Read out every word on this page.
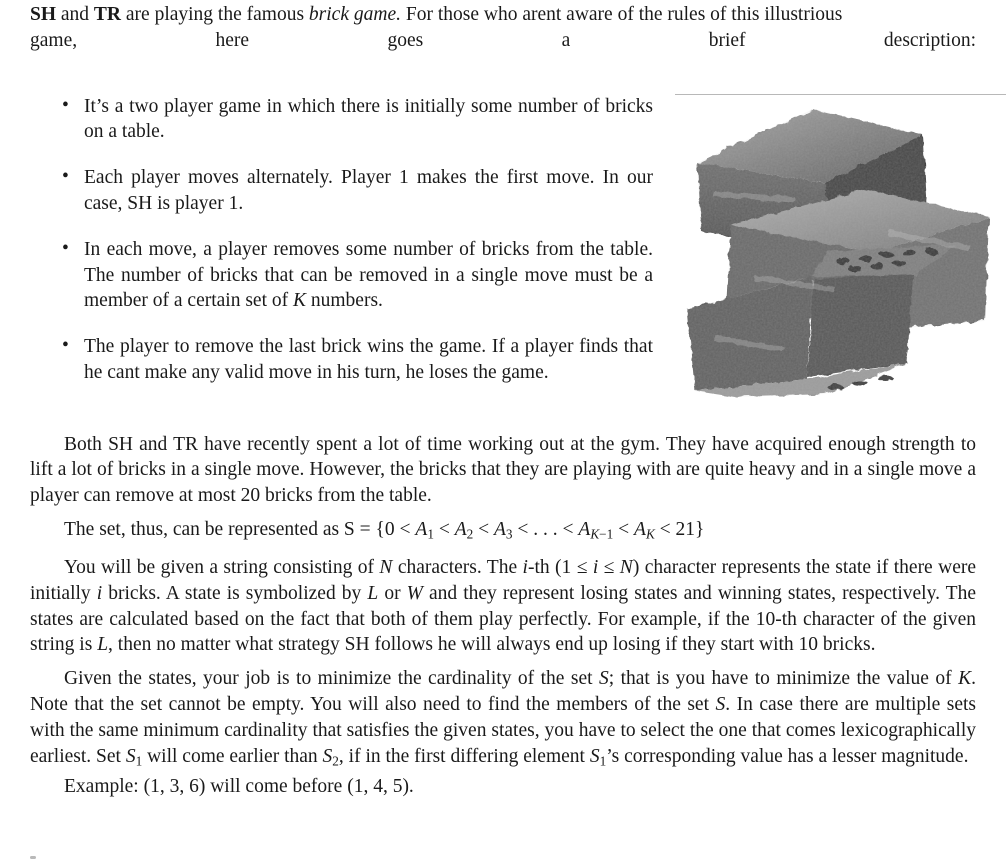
SH and TR are playing the famous brick game. For those who arent aware of the rules of this illustrious
game,	here	goes	a	brief	description:
• It’s a two player game in which there is initially some number of bricks on a table.
• Each player moves alternately. Player 1 makes the first move. In our case, SH is player 1.
• In each move, a player removes some number of bricks from the table. The number of bricks that can be removed in a single move must be a member of a certain set of K numbers.
• The player to remove the last brick wins the game. If a player finds that he cant make any valid move in his turn, he loses the game.

Both SH and TR have recently spent a lot of time working out at the gym. They have acquired enough strength to lift a lot of bricks in a single move. However, the bricks that they are playing with are quite heavy and in a single move a player can remove at most 20 bricks from the table.

The set, thus, can be represented as $S = \{0 < A_1 < A_2 < A_3$ < . . . < $AK_{-1}$ < AK < 21}

You will be given a string consisting of N characters. The i-th (1 ≤ i ≤ N) character represents the state if there were initially i bricks. A state is symbolized by L or W and they represent losing states and winning states, respectively. The states are calculated based on the fact that both of them play perfectly. For example, if the 10-th character of the given string is L, then no matter what strategy SH follows he will always end up losing if they start with 10 bricks.

Given the states, your job is to minimize the cardinality of the set S; that is you have to minimize the value of K. Note that the set cannot be empty. You will also need to find the members of the set S. In case there are multiple sets with the same minimum cardinality that satisfies the given states, you have to select the one that comes lexicographically earliest. Set $S_1$ will come earlier than $S_2$, if in the first differing element $S_1’s$ corresponding value has a lesser magnitude.

Example: (1, 3, 6) will come before (1, 4, 5).
